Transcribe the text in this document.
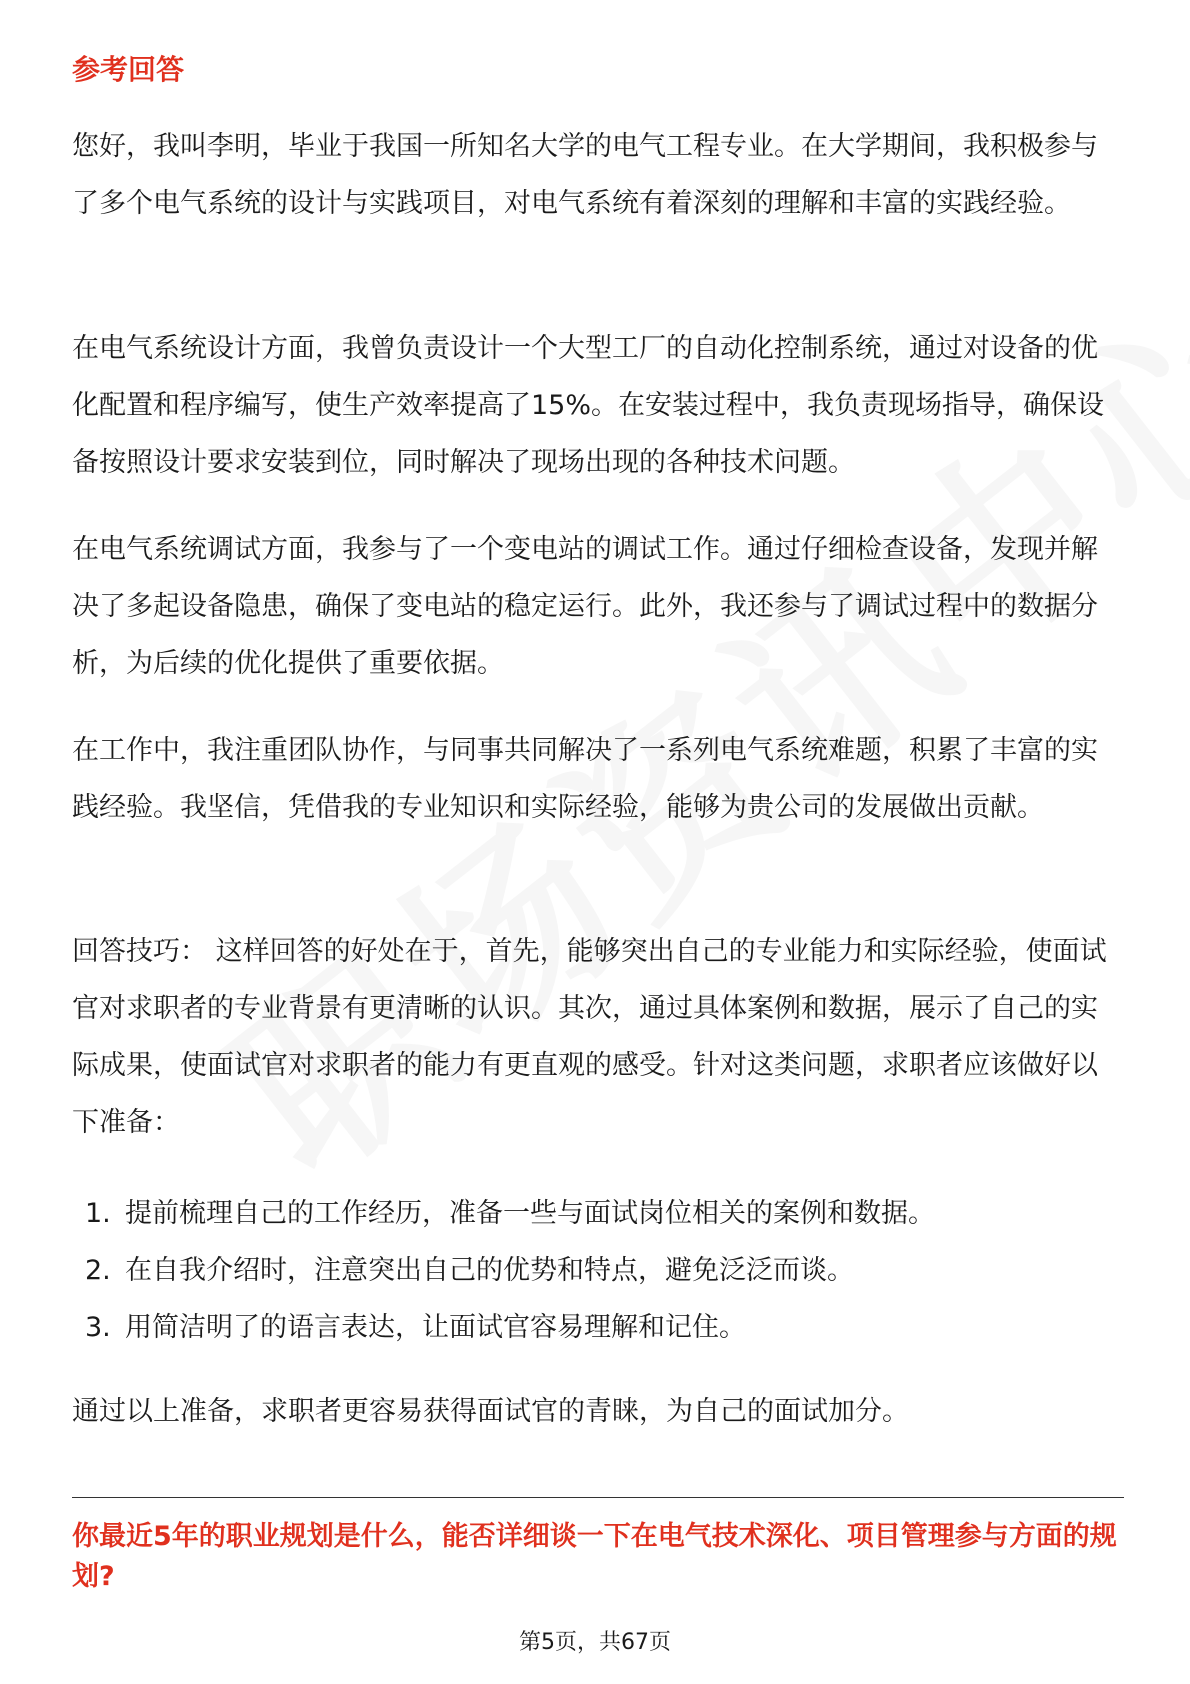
参考回答

您好，我叫李明，毕业于我国一所知名大学的电气工程专业。在大学期间，我积极参与了多个电气系统的设计与实践项目，对电气系统有着深刻的理解和丰富的实践经验。

在电气系统设计方面，我曾负责设计一个大型工厂的自动化控制系统，通过对设备的优化配置和程序编写，使生产效率提高了15%。在安装过程中，我负责现场指导，确保设备按照设计要求安装到位，同时解决了现场出现的各种技术问题。

在电气系统调试方面，我参与了一个变电站的调试工作。通过仔细检查设备，发现并解决了多起设备隐患，确保了变电站的稳定运行。此外，我还参与了调试过程中的数据分析，为后续的优化提供了重要依据。

在工作中，我注重团队协作，与同事共同解决了一系列电气系统难题，积累了丰富的实践经验。我坚信，凭借我的专业知识和实际经验，能够为贵公司的发展做出贡献。

回答技巧： 这样回答的好处在于，首先，能够突出自己的专业能力和实际经验，使面试官对求职者的专业背景有更清晰的认识。其次，通过具体案例和数据，展示了自己的实际成果，使面试官对求职者的能力有更直观的感受。针对这类问题，求职者应该做好以下准备：

1. 提前梳理自己的工作经历，准备一些与面试岗位相关的案例和数据。
2. 在自我介绍时，注意突出自己的优势和特点，避免泛泛而谈。
3. 用简洁明了的语言表达，让面试官容易理解和记住。

通过以上准备，求职者更容易获得面试官的青睐，为自己的面试加分。

你最近5年的职业规划是什么，能否详细谈一下在电气技术深化、项目管理参与方面的规划?
第5页，共67页
